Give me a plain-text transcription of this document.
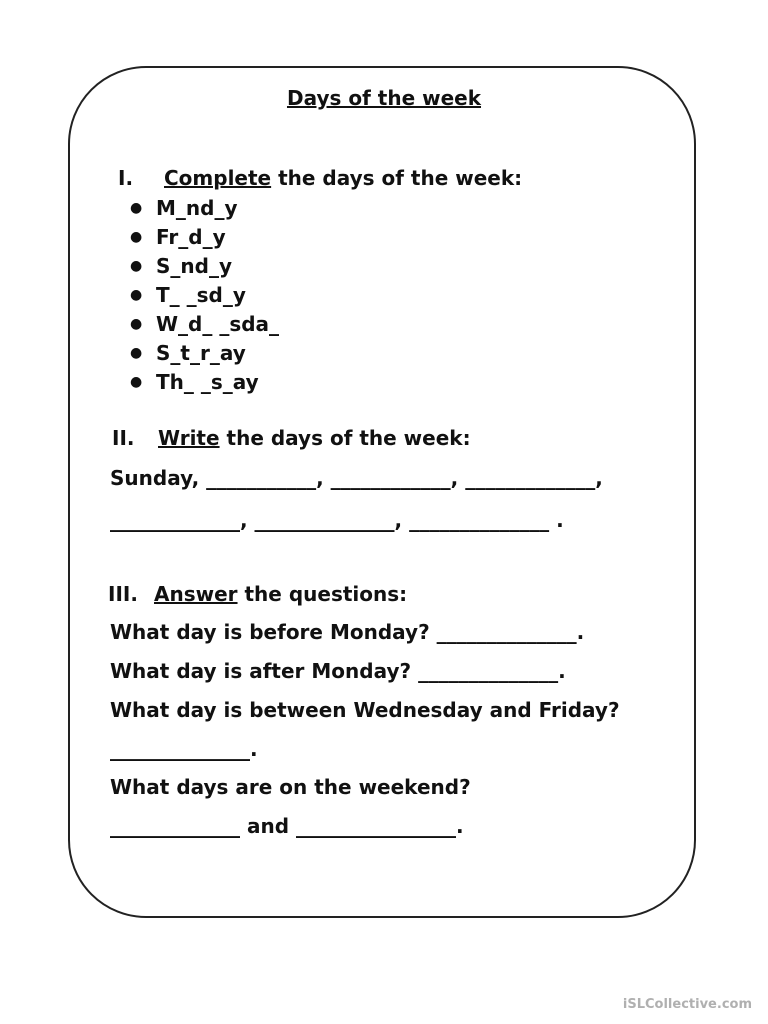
Days of the week

I. Complete the days of the week:

● M_nd_y
● Fr_d_y
● S_nd_y
● T_ _sd_y
● W_d_ _sda_
● S_t_r_ay
● Th_ _s_ay

II. Write the days of the week:

Sunday, ___________, ____________, _____________,

_____________, ______________, ______________ .

III. Answer the questions:

What day is before Monday? ______________.

What day is after Monday? ______________.

What day is between Wednesday and Friday?

______________.

What days are on the weekend?

_____________ and ________________.

iSLCollective.com
